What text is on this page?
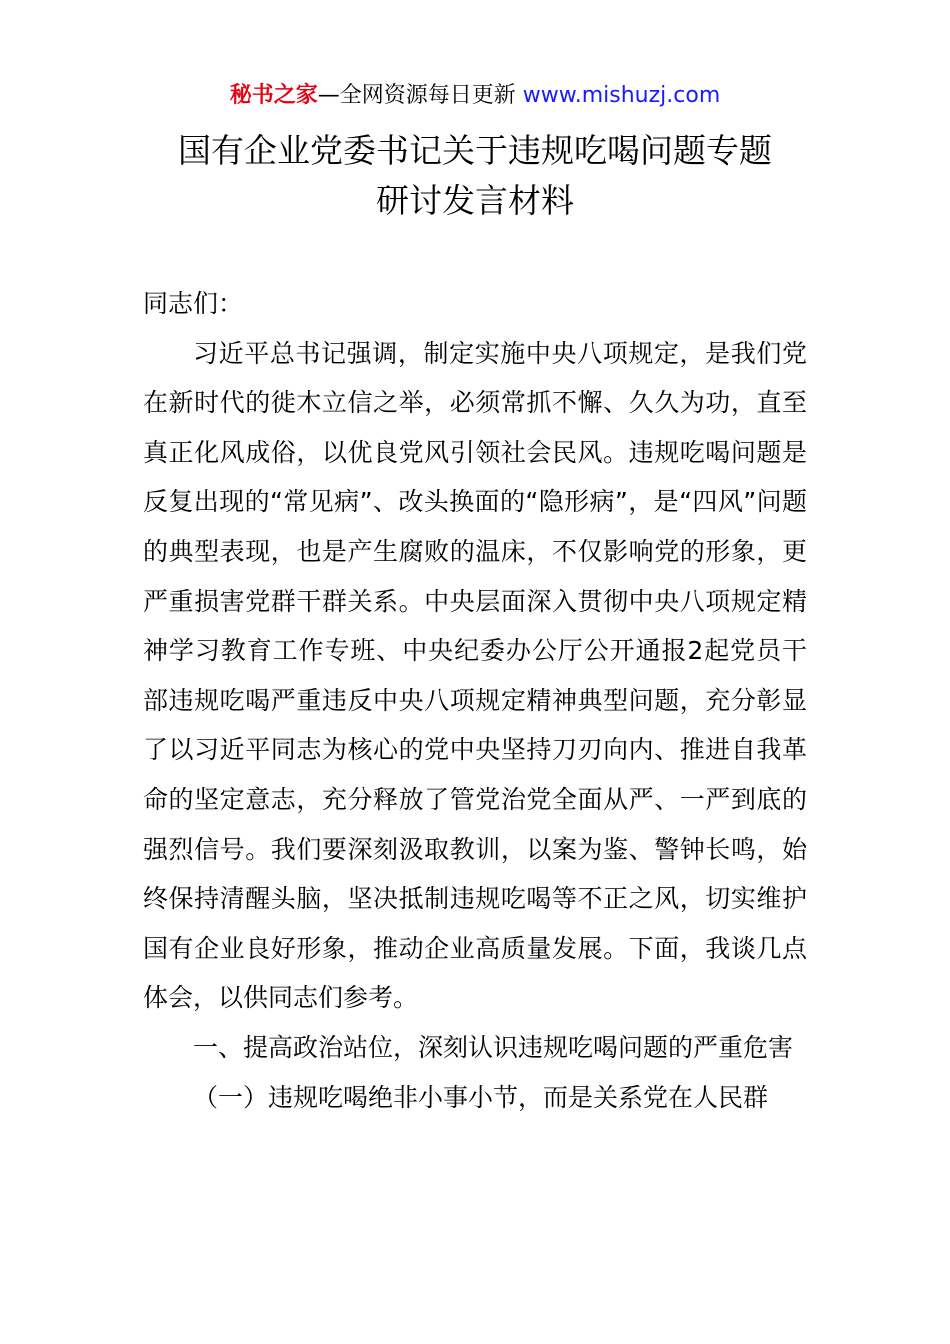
秘书之家—全网资源每日更新 www.mishuzj.com
国有企业党委书记关于违规吃喝问题专题
研讨发言材料

同志们：

习近平总书记强调，制定实施中央八项规定，是我们党在新时代的徙木立信之举，必须常抓不懈、久久为功，直至真正化风成俗，以优良党风引领社会民风。违规吃喝问题是反复出现的“常见病”、改头换面的“隐形病”，是“四风”问题的典型表现，也是产生腐败的温床，不仅影响党的形象，更严重损害党群干群关系。中央层面深入贯彻中央八项规定精神学习教育工作专班、中央纪委办公厅公开通报2起党员干部违规吃喝严重违反中央八项规定精神典型问题，充分彰显了以习近平同志为核心的党中央坚持刀刃向内、推进自我革命的坚定意志，充分释放了管党治党全面从严、一严到底的强烈信号。我们要深刻汲取教训，以案为鉴、警钟长鸣，始终保持清醒头脑，坚决抵制违规吃喝等不正之风，切实维护国有企业良好形象，推动企业高质量发展。下面，我谈几点体会，以供同志们参考。

一、提高政治站位，深刻认识违规吃喝问题的严重危害

（一）违规吃喝绝非小事小节，而是关系党在人民群
